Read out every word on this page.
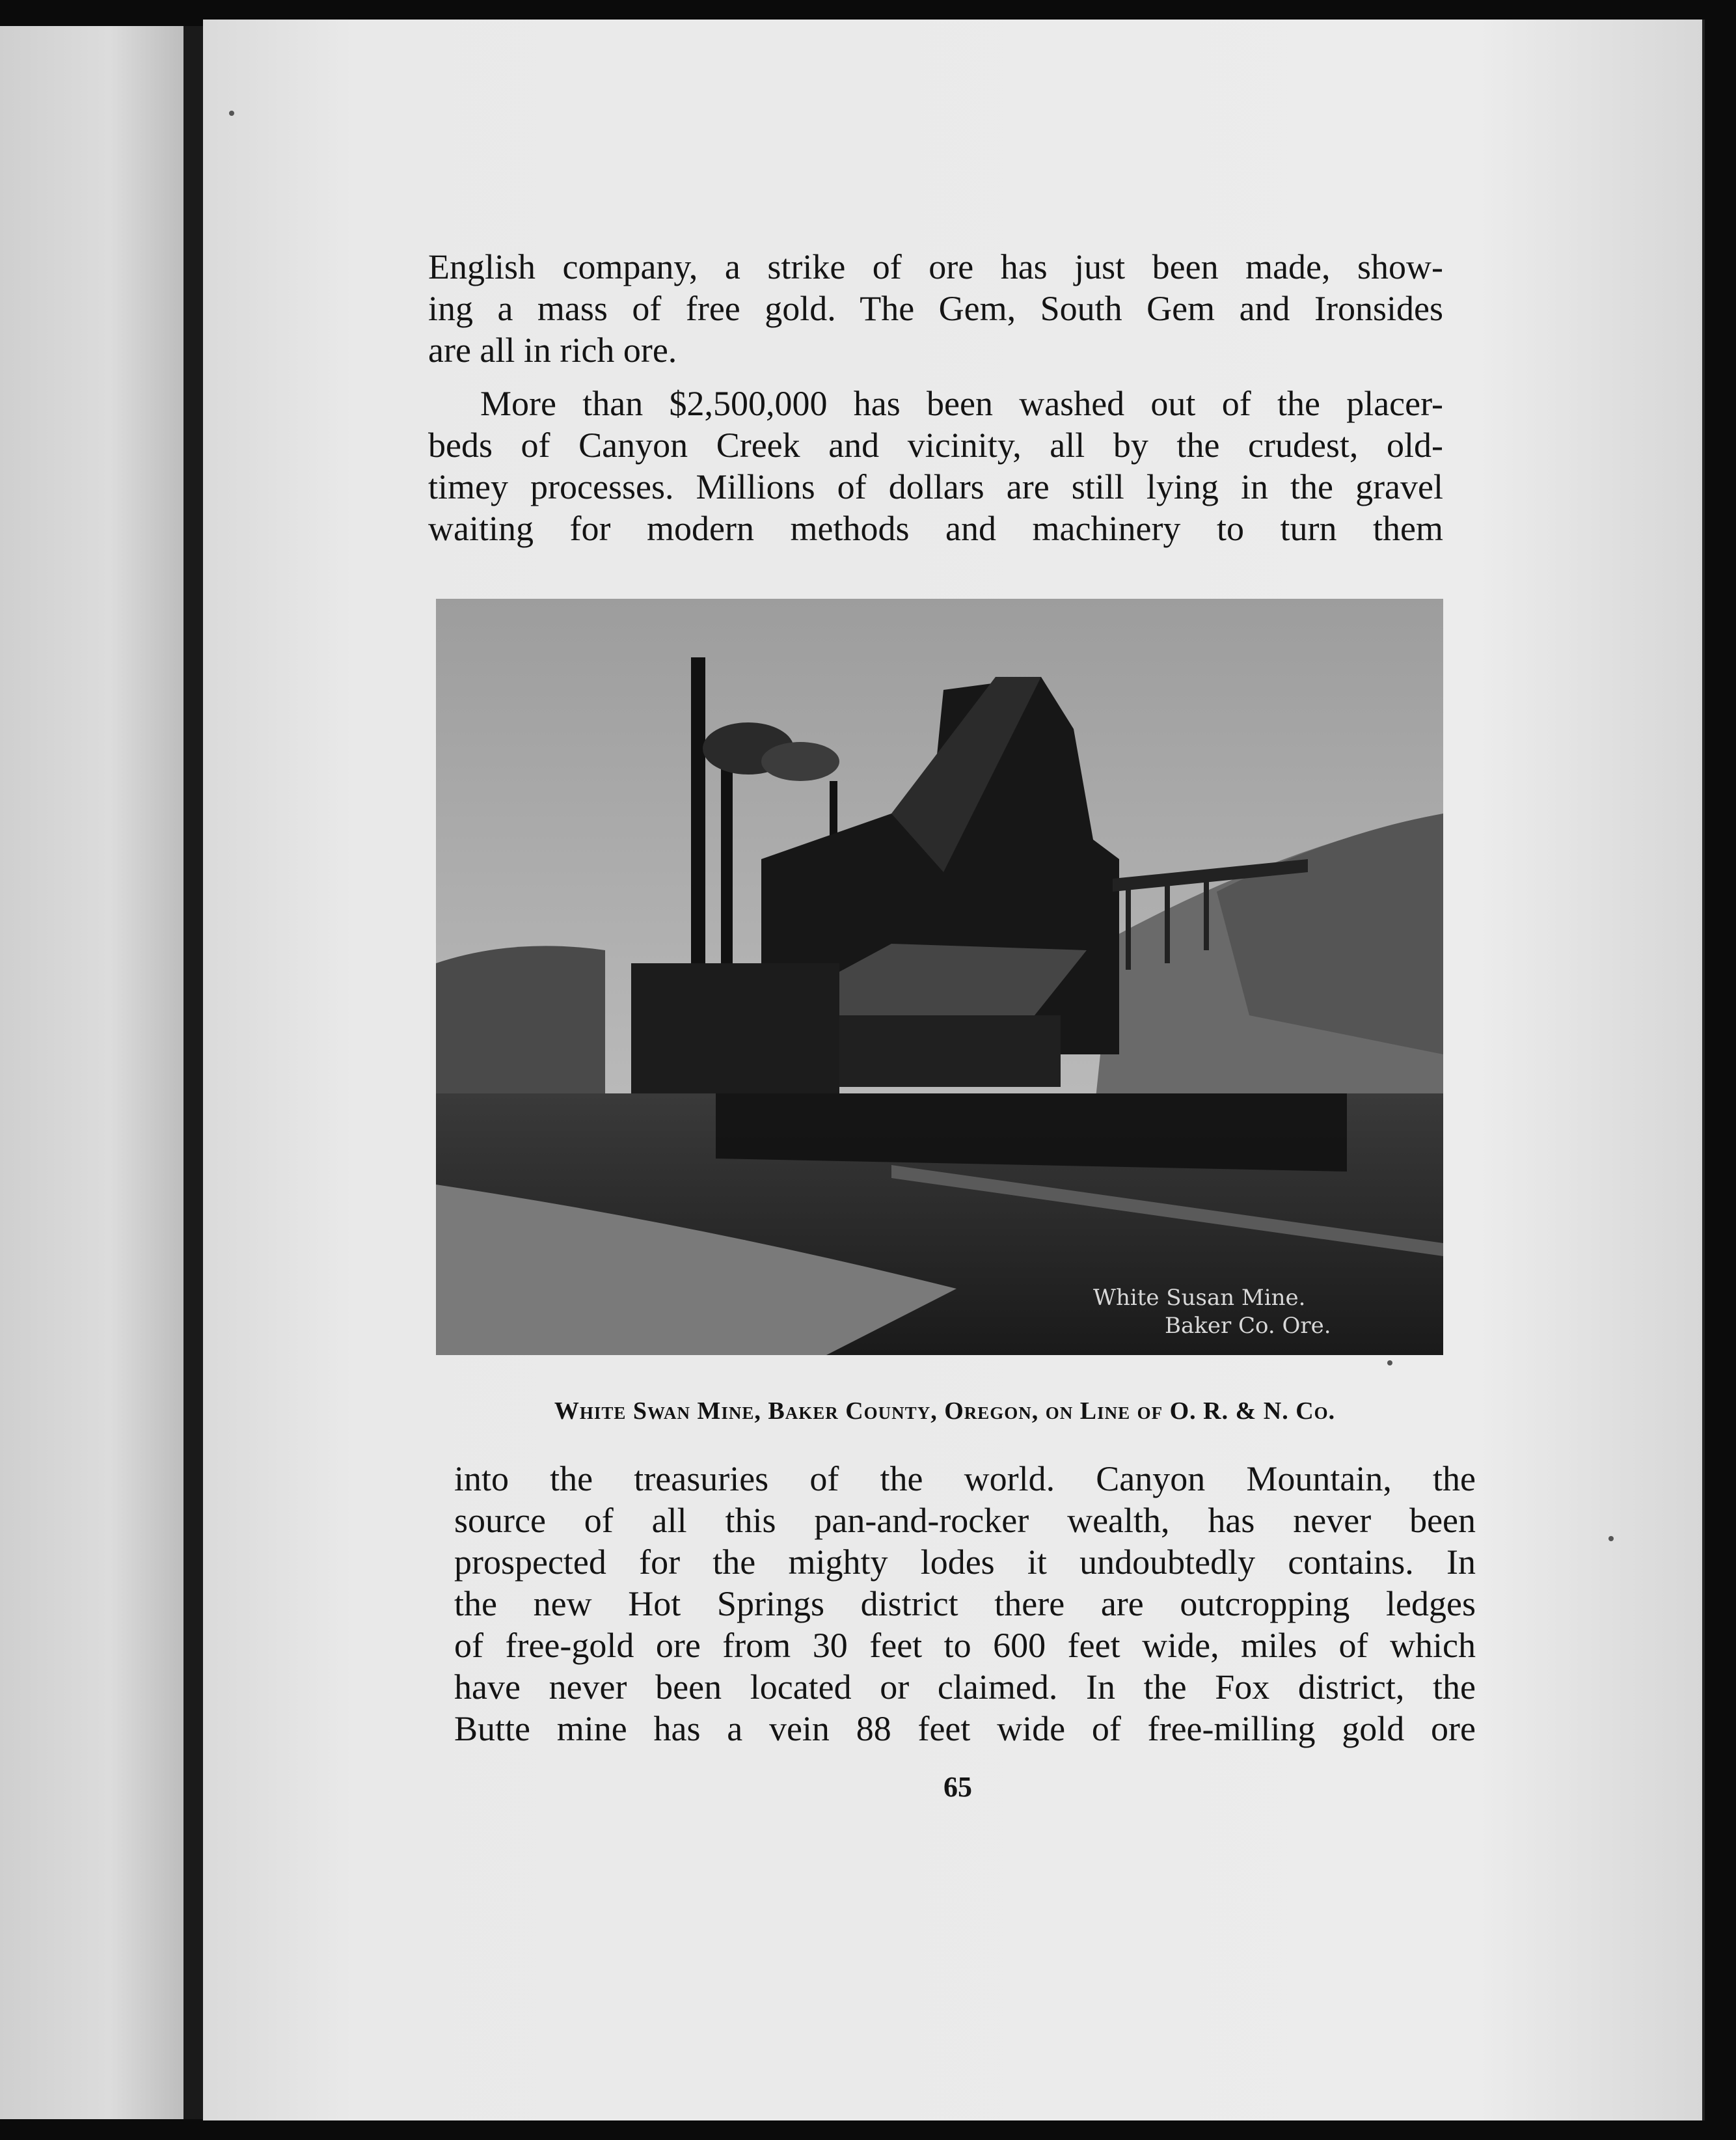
English company, a strike of ore has just been made, show-

ing a mass of free gold. The Gem, South Gem and Ironsides

are all in rich ore.

More than $2,500,000 has been washed out of the placer-

beds of Canyon Creek and vicinity, all by the crudest, old-

timey processes. Millions of dollars are still lying in the gravel

waiting for modern methods and machinery to turn them

White Susan Mine.
Baker Co. Ore.
White Swan Mine, Baker County, Oregon, on Line of O. R. & N. Co.

into the treasuries of the world. Canyon Mountain, the

source of all this pan-and-rocker wealth, has never been

prospected for the mighty lodes it undoubtedly contains. In

the new Hot Springs district there are outcropping ledges

of free-gold ore from 30 feet to 600 feet wide, miles of which

have never been located or claimed. In the Fox district, the

Butte mine has a vein 88 feet wide of free-milling gold ore

65
